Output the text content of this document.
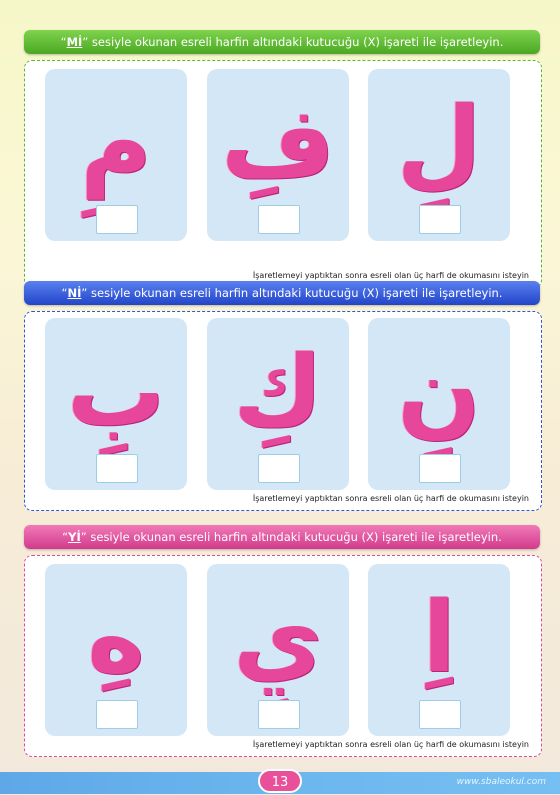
“Mİ” sesiyle okunan esreli harfin altındaki kutucuğu (X) işareti ile işaretleyin.
مِ فِ لِ
İşaretlemeyi yaptıktan sonra esreli olan üç harfi de okumasını isteyin
“Nİ” sesiyle okunan esreli harfin altındaki kutucuğu (X) işareti ile işaretleyin.
بِ كِ نِ
İşaretlemeyi yaptıktan sonra esreli olan üç harfi de okumasını isteyin
“Yİ” sesiyle okunan esreli harfin altındaki kutucuğu (X) işareti ile işaretleyin.
هِ يِ	اِ
İşaretlemeyi yaptıktan sonra esreli olan üç harfi de okumasını isteyin
13	www.sbaleokul.com
